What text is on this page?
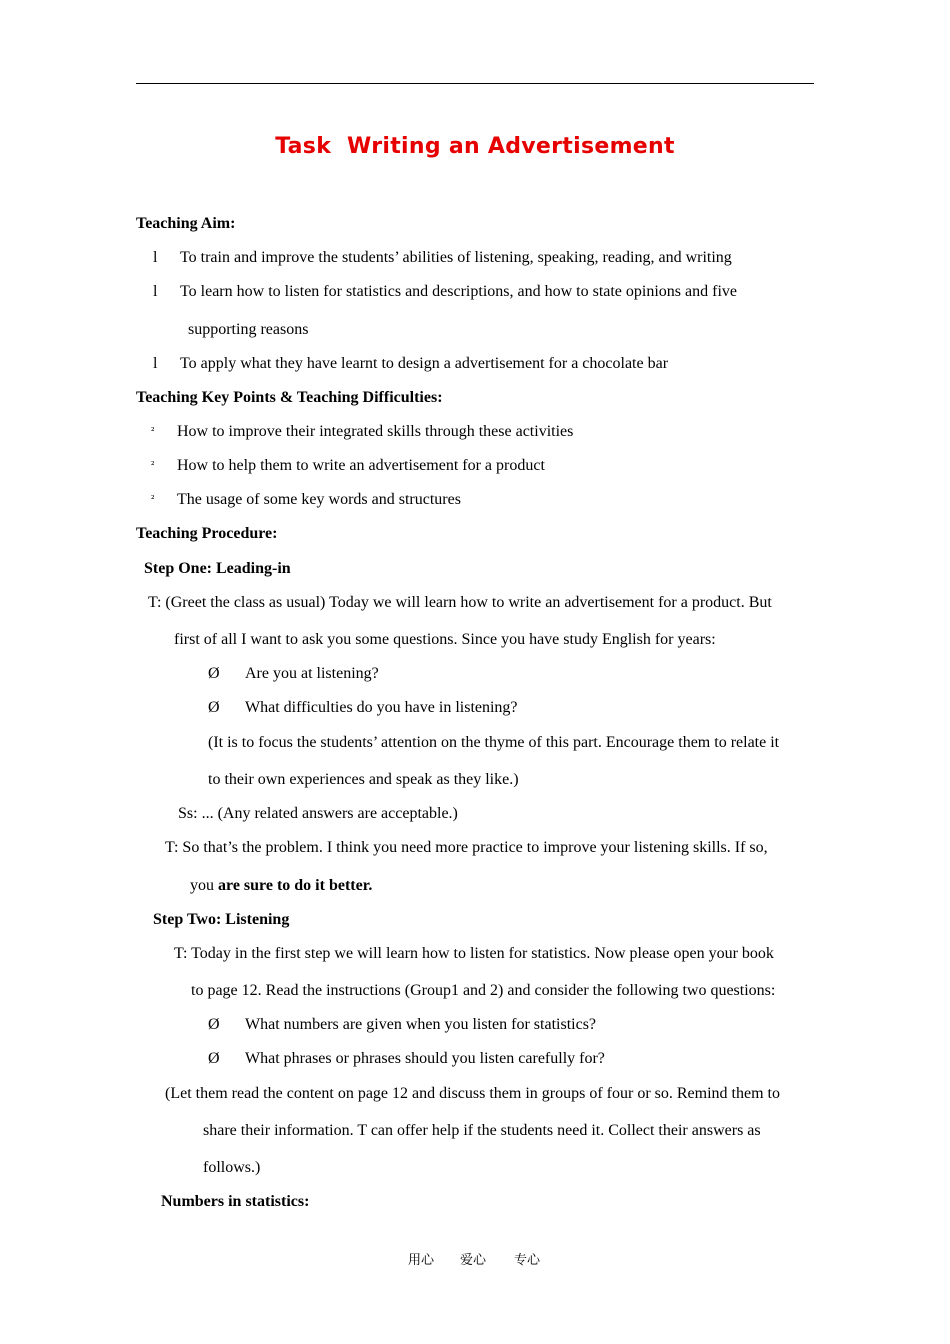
Task  Writing an Advertisement
Teaching Aim:
l To train and improve the students’ abilities of listening, speaking, reading, and writing
l To learn how to listen for statistics and descriptions, and how to state opinions and five
supporting reasons
l To apply what they have learnt to design a advertisement for a chocolate bar
Teaching Key Points & Teaching Difficulties:
² How to improve their integrated skills through these activities
² How to help them to write an advertisement for a product
² The usage of some key words and structures
Teaching Procedure:
Step One: Leading-in
T: (Greet the class as usual) Today we will learn how to write an advertisement for a product. But
first of all I want to ask you some questions. Since you have study English for years:
Ø Are you at listening?
Ø What difficulties do you have in listening?
(It is to focus the students’ attention on the thyme of this part. Encourage them to relate it
to their own experiences and speak as they like.)
Ss: ... (Any related answers are acceptable.)
T: So that’s the problem. I think you need more practice to improve your listening skills. If so,
you are sure to do it better.
Step Two: Listening
T: Today in the first step we will learn how to listen for statistics. Now please open your book
to page 12. Read the instructions (Group1 and 2) and consider the following two questions:
Ø What numbers are given when you listen for statistics?
Ø What phrases or phrases should you listen carefully for?
(Let them read the content on page 12 and discuss them in groups of four or so. Remind them to
share their information. T can offer help if the students need it. Collect their answers as
follows.)
Numbers in statistics:
用心 爱心 专心
